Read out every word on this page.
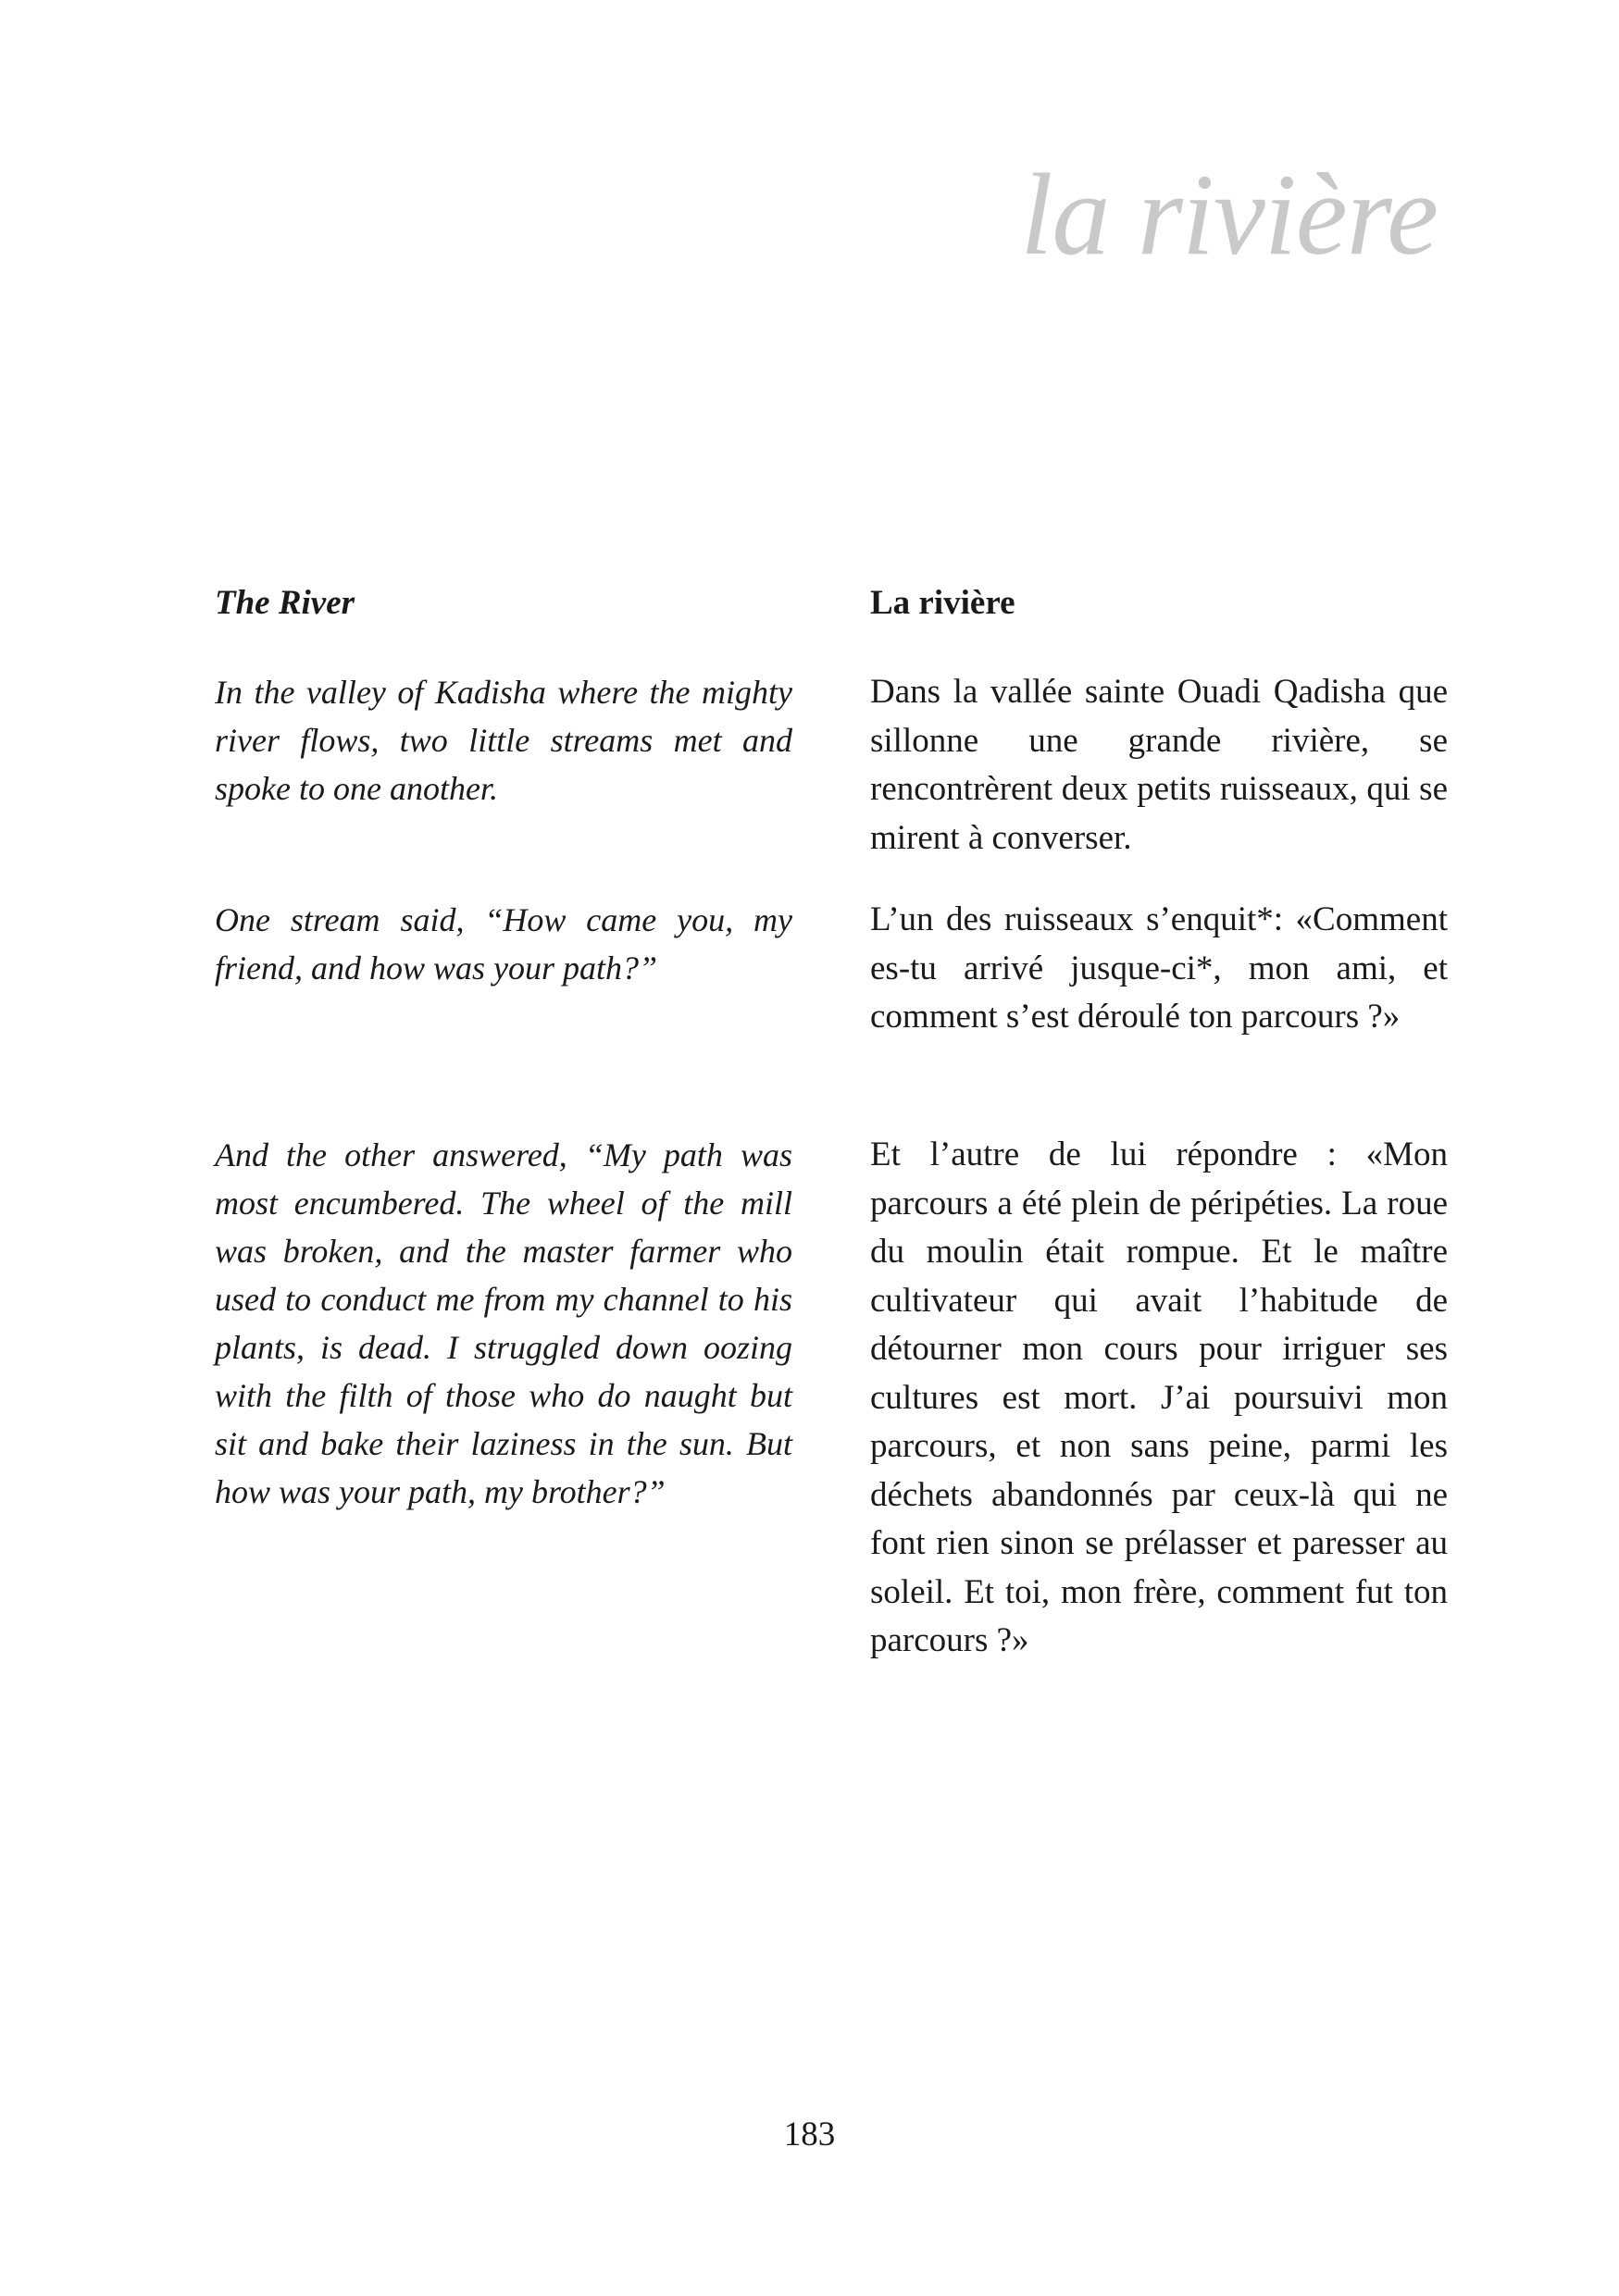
la rivière
The River

In the valley of Kadisha where the mighty river flows, two little streams met and spoke to one another.

One stream said, “How came you, my friend, and how was your path?”

And the other answered, “My path was most encumbered. The wheel of the mill was broken, and the master farmer who used to conduct me from my channel to his plants, is dead. I struggled down oozing with the filth of those who do naught but sit and bake their laziness in the sun. But how was your path, my brother?”

La rivière

Dans la vallée sainte Ouadi Qadisha que sillonne une grande rivière, se rencontrèrent deux petits ruisseaux, qui se mirent à converser.

L’un des ruisseaux s’enquit*: «Comment es-tu arrivé jusque-ci*, mon ami, et comment s’est déroulé ton parcours ?»

Et l’autre de lui répondre : «Mon parcours a été plein de péripéties. La roue du moulin était rompue. Et le maître cultivateur qui avait l’habitude de détourner mon cours pour irriguer ses cultures est mort. J’ai poursuivi mon parcours, et non sans peine, parmi les déchets abandonnés par ceux-là qui ne font rien sinon se prélasser et paresser au soleil. Et toi, mon frère, comment fut ton parcours ?»

183
